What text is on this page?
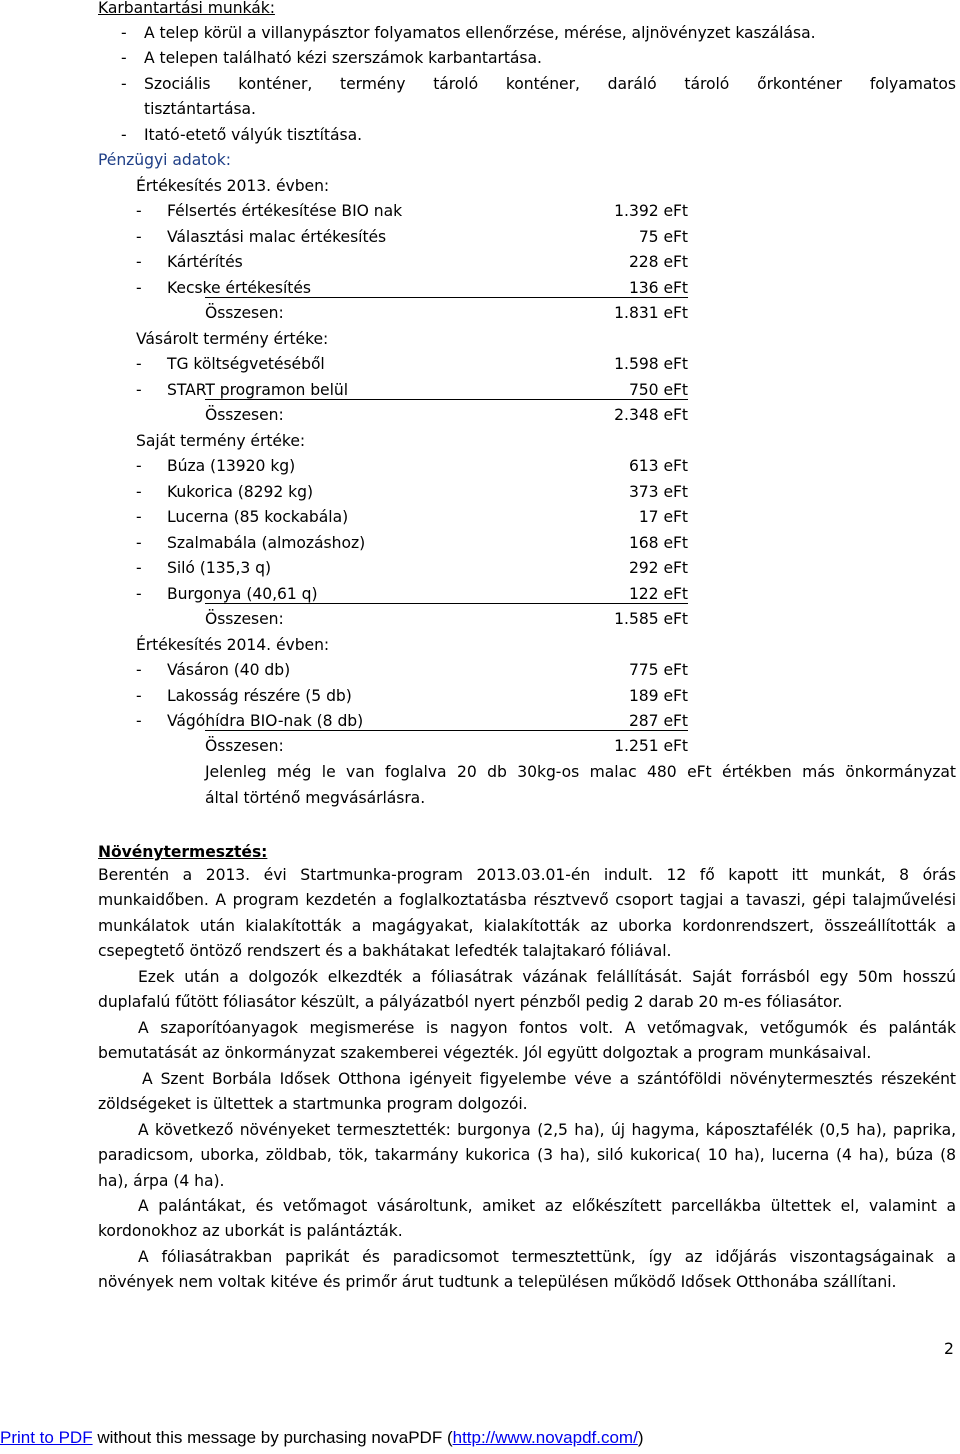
Karbantartási munkák:
- A telep körül a villanypásztor folyamatos ellenőrzése, mérése, aljnövényzet kaszálása.
- A telepen található kézi szerszámok karbantartása.
- Szociális konténer, termény tároló konténer, daráló tároló őrkonténer folyamatos
tisztántartása.
- Itató-etető vályúk tisztítása.
Pénzügyi adatok:
Értékesítés 2013. évben:
- Félsertés értékesítése BIO nak	1.392 eFt
- Választási malac értékesítés	75 eFt
- Kártérítés	228 eFt
- Kecske értékesítés	136 eFt
Összesen:	1.831 eFt
Vásárolt termény értéke:
- TG költségvetéséből	1.598 eFt
- START programon belül	750 eFt
Összesen:	2.348 eFt
Saját termény értéke:
- Búza (13920 kg)	613 eFt
- Kukorica (8292 kg)	373 eFt
- Lucerna (85 kockabála)	17 eFt
- Szalmabála (almozáshoz)	168 eFt
- Siló (135,3 q)	292 eFt
- Burgonya (40,61 q)	122 eFt
Összesen:	1.585 eFt
Értékesítés 2014. évben:
- Vásáron (40 db)	775 eFt
- Lakosság részére (5 db)	189 eFt
- Vágóhídra BIO-nak (8 db)	287 eFt
Összesen:	1.251 eFt
Jelenleg még le van foglalva 20 db 30kg-os malac 480 eFt értékben más önkormányzat
által történő megvásárlásra.
Növénytermesztés:
Berentén a 2013. évi Startmunka-program 2013.03.01-én indult. 12 fő kapott itt munkát, 8 órás munkaidőben. A program kezdetén a foglalkoztatásba résztvevő csoport tagjai a tavaszi, gépi talajművelési munkálatok után kialakították a magágyakat, kialakították az uborka kordonrendszert, összeállították a csepegtető öntöző rendszert és a bakhátakat lefedték talajtakaró fóliával.
Ezek után a dolgozók elkezdték a fóliasátrak vázának felállítását. Saját forrásból egy 50m hosszú duplafalú fűtött fóliasátor készült, a pályázatból nyert pénzből pedig 2 darab 20 m-es fóliasátor.
A szaporítóanyagok megismerése is nagyon fontos volt. A vetőmagvak, vetőgumók és palánták bemutatását az önkormányzat szakemberei végezték. Jól együtt dolgoztak a program munkásaival.
A Szent Borbála Idősek Otthona igényeit figyelembe véve a szántóföldi növénytermesztés részeként zöldségeket is ültettek a startmunka program dolgozói.
A következő növényeket termesztették: burgonya (2,5 ha), új hagyma, káposztafélék (0,5 ha), paprika, paradicsom, uborka, zöldbab, tök, takarmány kukorica (3 ha), siló kukorica( 10 ha), lucerna (4 ha), búza (8 ha), árpa (4 ha).
A palántákat, és vetőmagot vásároltunk, amiket az előkészített parcellákba ültettek el, valamint a kordonokhoz az uborkát is palántázták.
A fóliasátrakban paprikát és paradicsomot termesztettünk, így az időjárás viszontagságainak a növények nem voltak kitéve és primőr árut tudtunk a településen működő Idősek Otthonába szállítani.
2
Print to PDF without this message by purchasing novaPDF (http://www.novapdf.com/)
